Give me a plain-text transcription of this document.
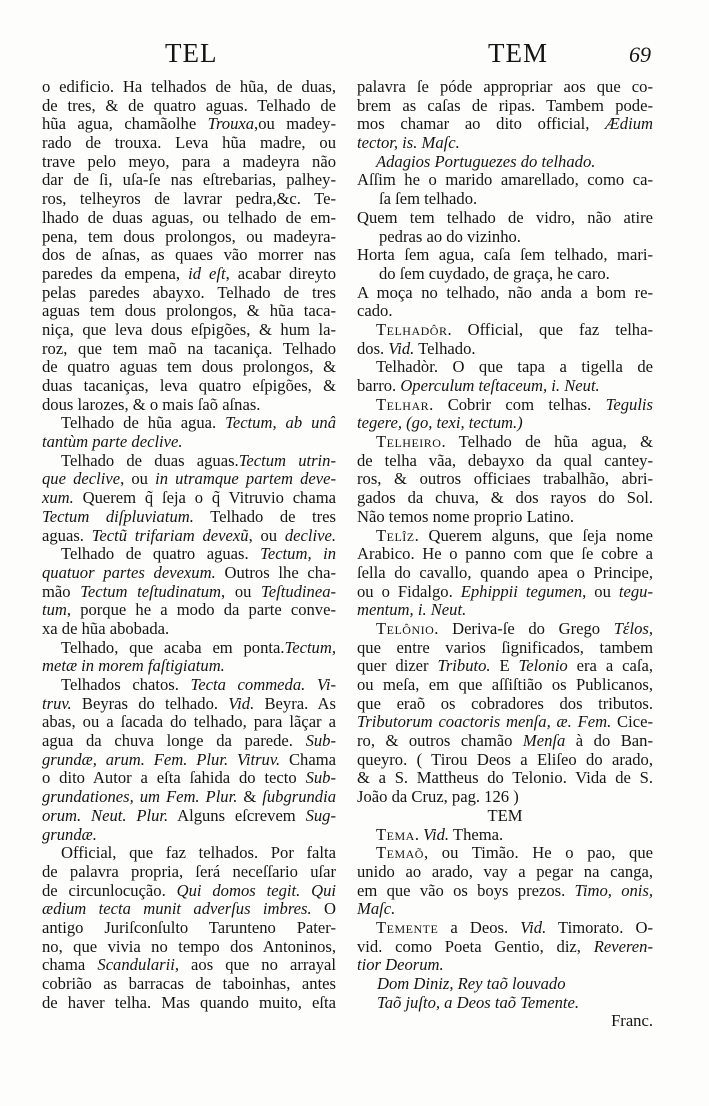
TEL	TEM	69
o edificio. Ha telhados de hũa, de duas,
de tres, & de quatro aguas. Telhado de
hũa agua, chamãolhe Trouxa,ou madey-
rado de trouxa. Leva hũa madre, ou
trave pelo meyo, para a madeyra não
dar de ſi, uſa-ſe nas eſtrebarias, palhey-
ros, telheyros de lavrar pedra,&c. Te-
lhado de duas aguas, ou telhado de em-
pena, tem dous prolongos, ou madeyra-
dos de aſnas, as quaes vão morrer nas
paredes da empena, id eſt, acabar direyto
pelas paredes abayxo. Telhado de tres
aguas tem dous prolongos, & hũa taca-
niça, que leva dous eſpigões, & hum la-
roz, que tem maõ na tacaniça. Telhado
de quatro aguas tem dous prolongos, &
duas tacaniças, leva quatro eſpigões, &
dous larozes, & o mais ſaõ aſnas.
Telhado de hũa agua. Tectum, ab unâ
tantùm parte declive.
Telhado de duas aguas.Tectum utrin-
que declive, ou in utramque partem deve-
xum. Querem q̃ ſeja o q̃ Vitruvio chama
Tectum diſpluviatum. Telhado de tres
aguas. Tectũ trifariam devexũ, ou declive.
Telhado de quatro aguas. Tectum, in
quatuor partes devexum. Outros lhe cha-
mão Tectum teſtudinatum, ou Teſtudinea-
tum, porque he a modo da parte conve-
xa de hũa abobada.
Telhado, que acaba em ponta.Tectum,
metæ in morem faſtigiatum.
Telhados chatos. Tecta commeda. Vi-
truv. Beyras do telhado. Vid. Beyra. As
abas, ou a ſacada do telhado, para lãçar a
agua da chuva longe da parede. Sub-
grundæ, arum. Fem. Plur. Vitruv. Chama
o dito Autor a eſta ſahida do tecto Sub-
grundationes, um Fem. Plur. & ſubgrundia
orum. Neut. Plur. Alguns eſcrevem Sug-
grundæ.
Official, que faz telhados. Por falta
de palavra propria, ſerá neceſſario uſar
de circunlocução. Qui domos tegit. Qui
ædium tecta munit adverſus imbres. O
antigo Juriſconſulto Tarunteno Pater-
no, que vivia no tempo dos Antoninos,
chama Scandularii, aos que no arrayal
cobrião as barracas de taboinhas, antes
de haver telha. Mas quando muito, eſta
palavra ſe póde appropriar aos que co-
brem as caſas de ripas. Tambem pode-
mos chamar ao dito official, Ædium
tector, is. Maſc.
Adagios Portuguezes do telhado.
Aſſim he o marido amarellado, como ca-
ſa ſem telhado.
Quem tem telhado de vidro, não atire
pedras ao do vizinho.
Horta ſem agua, caſa ſem telhado, mari-
do ſem cuydado, de graça, he caro.
A moça no telhado, não anda a bom re-
cado.
Telhadôr. Official, que faz telha-
dos. Vid. Telhado.
Telhadòr. O que tapa a tigella de
barro. Operculum teſtaceum, i. Neut.
Telhar. Cobrir com telhas. Tegulis
tegere, (go, texi, tectum.)
Telheiro. Telhado de hũa agua, &
de telha vãa, debayxo da qual cantey-
ros, & outros officiaes trabalhão, abri-
gados da chuva, & dos rayos do Sol.
Não temos nome proprio Latino.
Telîz. Querem alguns, que ſeja nome
Arabico. He o panno com que ſe cobre a
ſella do cavallo, quando apea o Principe,
ou o Fidalgo. Ephippii tegumen, ou tegu-
mentum, i. Neut.
Telônio. Deriva-ſe do Grego Tέlos,
que entre varios ſignificados, tambem
quer dizer Tributo. E Telonio era a caſa,
ou meſa, em que aſſiſtião os Publicanos,
que eraõ os cobradores dos tributos.
Tributorum coactoris menſa, æ. Fem. Cice-
ro, & outros chamão Menſa à do Ban-
queyro. ( Tirou Deos a Eliſeo do arado,
& a S. Mattheus do Telonio. Vida de S.
João da Cruz, pag. 126 )
TEM
Tema. Vid. Thema.
Temaõ, ou Timão. He o pao, que
unido ao arado, vay a pegar na canga,
em que vão os boys prezos. Timo, onis,
Maſc.
Temente a Deos. Vid. Timorato. O-
vid. como Poeta Gentio, diz, Reveren-
tior Deorum.
Dom Diniz, Rey taõ louvado
Taõ juſto, a Deos taõ Temente.
Franc.
